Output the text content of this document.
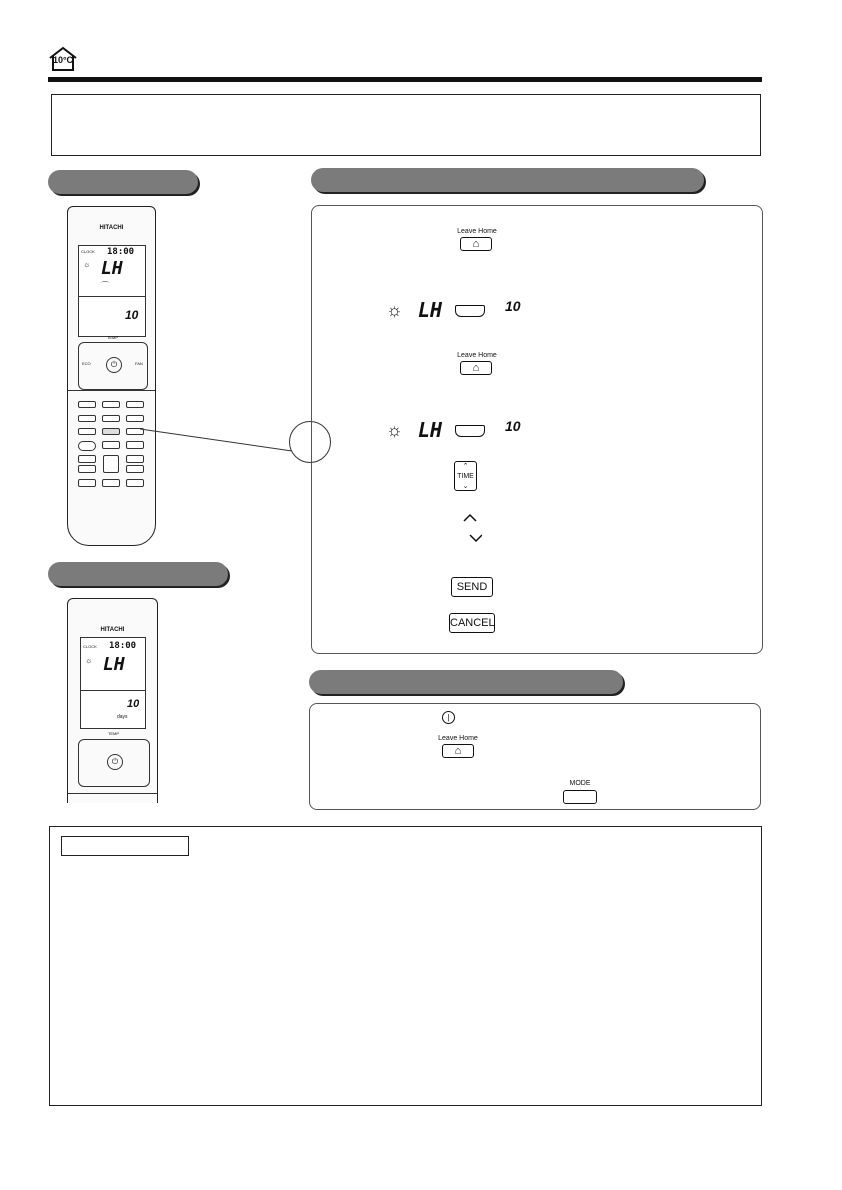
10°C
HITACHI
CLOCK 18:00
☼ LH
⌒
10
TEMP
⏻
ECO	FAN
HITACHI
CLOCK 18:00
☼ LH
10
days
TEMP
⏻
Leave Home
⌂
☼ LH	10
Leave Home
⌂
☼ LH	10
⌃
TIME
⌄
SEND
CANCEL
|
Leave Home
⌂
MODE
